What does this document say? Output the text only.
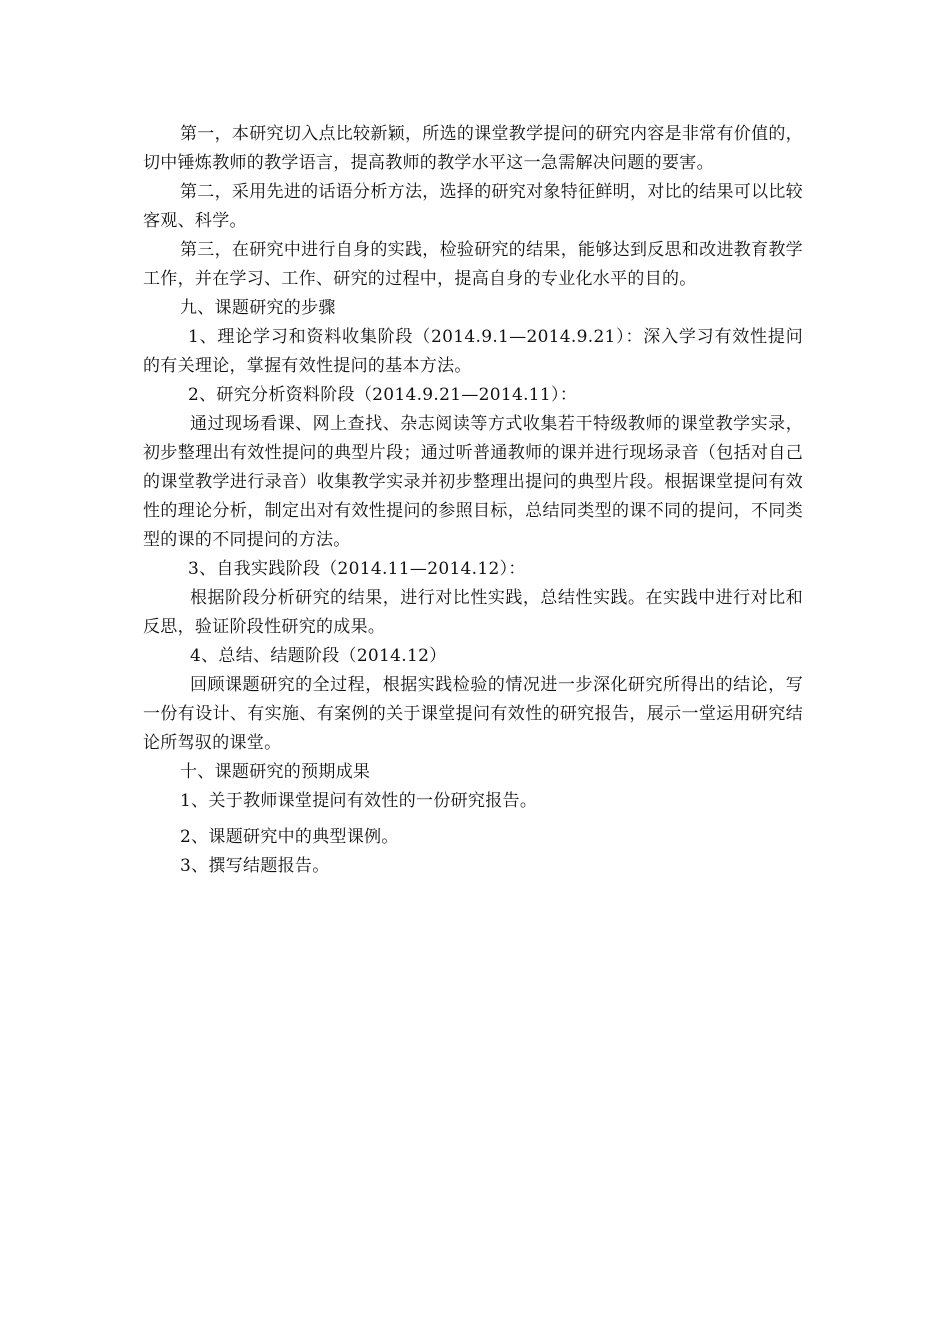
第一，本研究切入点比较新颖，所选的课堂教学提问的研究内容是非常有价值的，切中锤炼教师的教学语言，提高教师的教学水平这一急需解决问题的要害。

第二，采用先进的话语分析方法，选择的研究对象特征鲜明，对比的结果可以比较客观、科学。

第三，在研究中进行自身的实践，检验研究的结果，能够达到反思和改进教育教学工作，并在学习、工作、研究的过程中，提高自身的专业化水平的目的。

九、课题研究的步骤

1、理论学习和资料收集阶段（2014.9.1—2014.9.21）：深入学习有效性提问的有关理论，掌握有效性提问的基本方法。

2、研究分析资料阶段（2014.9.21—2014.11）：

通过现场看课、网上查找、杂志阅读等方式收集若干特级教师的课堂教学实录，初步整理出有效性提问的典型片段；通过听普通教师的课并进行现场录音（包括对自己的课堂教学进行录音）收集教学实录并初步整理出提问的典型片段。根据课堂提问有效性的理论分析，制定出对有效性提问的参照目标，总结同类型的课不同的提问，不同类型的课的不同提问的方法。

3、自我实践阶段（2014.11—2014.12）：

根据阶段分析研究的结果，进行对比性实践，总结性实践。在实践中进行对比和反思，验证阶段性研究的成果。

4、总结、结题阶段（2014.12）

回顾课题研究的全过程，根据实践检验的情况进一步深化研究所得出的结论，写一份有设计、有实施、有案例的关于课堂提问有效性的研究报告，展示一堂运用研究结论所驾驭的课堂。

十、课题研究的预期成果

1、关于教师课堂提问有效性的一份研究报告。

2、课题研究中的典型课例。

3、撰写结题报告。
